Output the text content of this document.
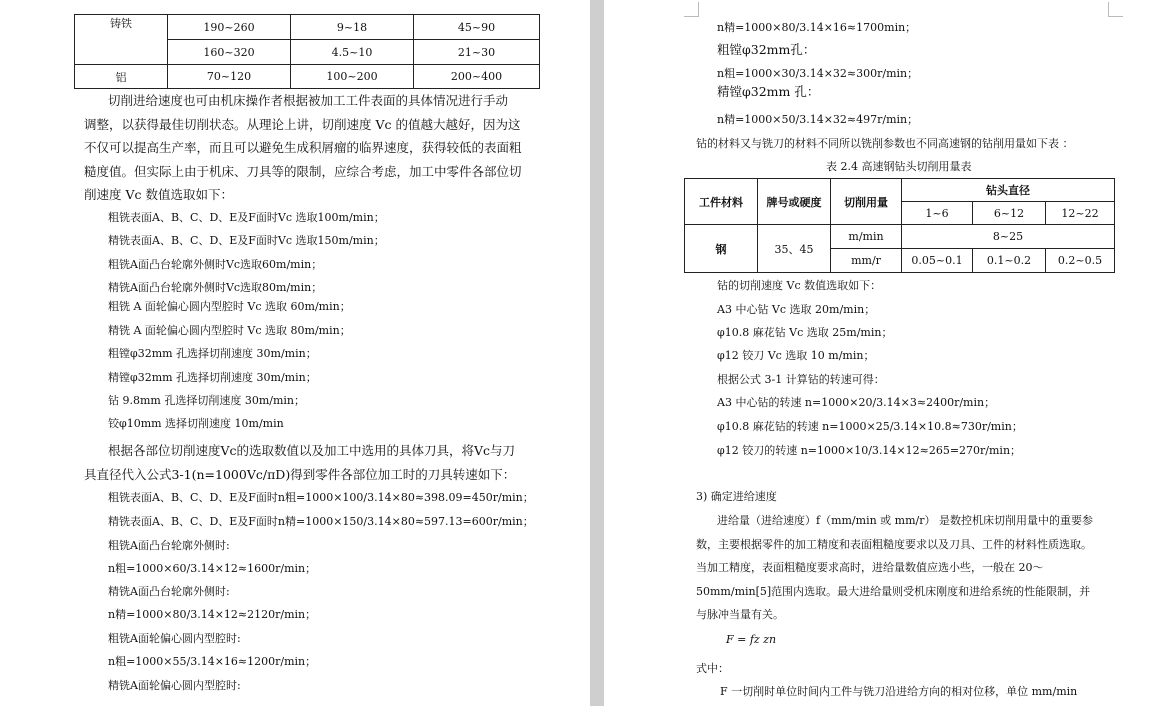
铸铁	190~260	9~18	45~90
	160~320	4.5~10	21~30
铝	70~120	100~200	200~400
切削进给速度也可由机床操作者根据被加工工件表面的具体情况进行手动
调整，以获得最佳切削状态。从理论上讲，切削速度 Vc 的值越大越好，因为这
不仅可以提高生产率，而且可以避免生成积屑瘤的临界速度，获得较低的表面粗
糙度值。但实际上由于机床、刀具等的限制，应综合考虑，加工中零件各部位切
削速度 Vc 数值选取如下：
粗铣表面A、B、C、D、E及F面时Vc 选取100m/min；
精铣表面A、B、C、D、E及F面时Vc 选取150m/min；
粗铣A面凸台轮廓外侧时Vc选取60m/min；
精铣A面凸台轮廓外侧时Vc选取80m/min；
粗铣 A 面轮偏心圆内型腔时 Vc 选取 60m/min；
精铣 A 面轮偏心圆内型腔时 Vc 选取 80m/min；
粗镗φ32mm 孔选择切削速度 30m/min；
精镗φ32mm 孔选择切削速度 30m/min；
钻 9.8mm 孔选择切削速度 30m/min；
铰φ10mm 选择切削速度 10m/min
根据各部位切削速度Vc的选取数值以及加工中选用的具体刀具，将Vc与刀
具直径代入公式3-1(n=1000Vc/πD)得到零件各部位加工时的刀具转速如下：
粗铣表面A、B、C、D、E及F面时n粗=1000×100/3.14×80≈398.09=450r/min；
精铣表面A、B、C、D、E及F面时n精=1000×150/3.14×80≈597.13=600r/min；
粗铣A面凸台轮廓外侧时:
n粗=1000×60/3.14×12≈1600r/min；
精铣A面凸台轮廓外侧时:
n精=1000×80/3.14×12≈2120r/min；
粗铣A面轮偏心圆内型腔时:
n粗=1000×55/3.14×16≈1200r/min；
精铣A面轮偏心圆内型腔时:
n精=1000×80/3.14×16≈1700min；
粗镗φ32mm孔：
n粗=1000×30/3.14×32≈300r/min；
精镗φ32mm 孔：
n精=1000×50/3.14×32≈497r/min；
钻的材料又与铣刀的材料不同所以铣削参数也不同高速钢的钻削用量如下表 ：
表 2.4 高速钢钻头切削用量表
工件材料	牌号或硬度	切削用量	钻头直径		
			1~6	6~12	12~22
钢	35、45	m/min	8~25		
		mm/r	0.05~0.1	0.1~0.2	0.2~0.5
钻的切削速度 Vc 数值选取如下：
A3 中心钻 Vc 选取 20m/min；
φ10.8 麻花钻 Vc 选取 25m/min；
φ12 铰刀 Vc 选取 10 m/min；
根据公式 3-1 计算钻的转速可得：
A3 中心钻的转速 n=1000×20/3.14×3≈2400r/min；
φ10.8 麻花钻的转速 n=1000×25/3.14×10.8≈730r/min；
φ12 铰刀的转速 n=1000×10/3.14×12≈265=270r/min；
3) 确定进给速度
进给量（进给速度）f（mm/min 或 mm/r） 是数控机床切削用量中的重要参
数，主要根据零件的加工精度和表面粗糙度要求以及刀具、工件的材料性质选取。
当加工精度，表面粗糙度要求高时，进给量数值应选小些，一般在 20～
50mm/min[5]范围内选取。最大进给量则受机床刚度和进给系统的性能限制，并
与脉冲当量有关。
F = fz zn
式中：
F 一切削时单位时间内工件与铣刀沿进给方向的相对位移，单位 mm/min
